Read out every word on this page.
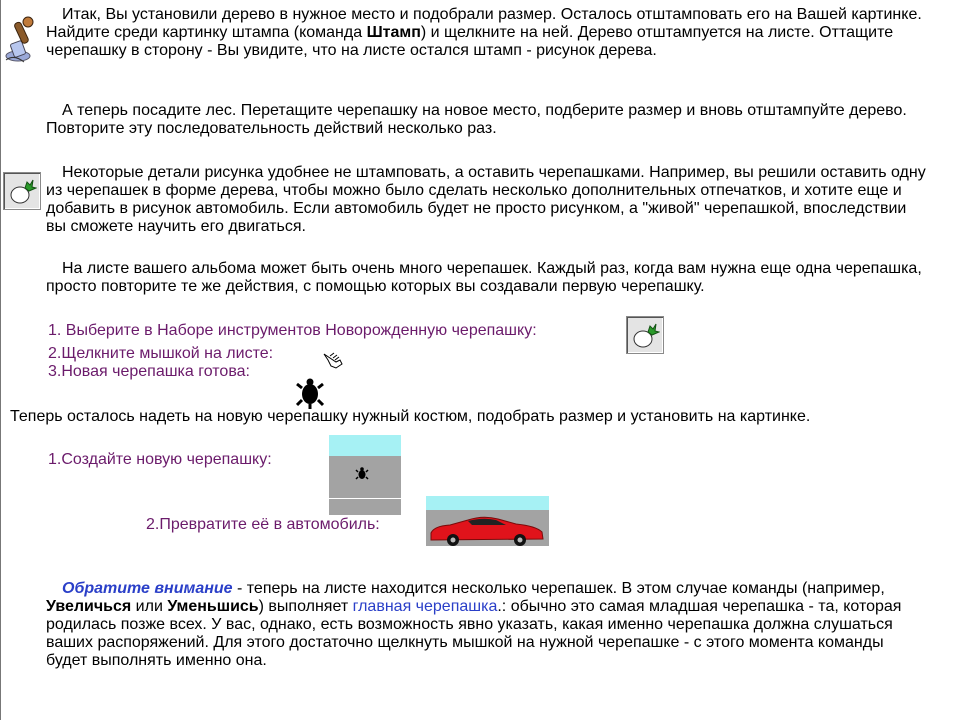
Итак, Вы установили дерево в нужное место и подобрали размер. Осталось отштамповать его на Вашей картинке. Найдите среди картинку штампа (команда Штамп) и щелкните на ней. Дерево отштампуется на листе. Оттащите черепашку в сторону - Вы увидите, что на листе остался штамп - рисунок дерева.

А теперь посадите лес. Перетащите черепашку на новое место, подберите размер и вновь отштампуйте дерево. Повторите эту последовательность действий несколько раз.

Некоторые детали рисунка удобнее не штамповать, а оставить черепашками. Например, вы решили оставить одну из черепашек в форме дерева, чтобы можно было сделать несколько дополнительных отпечатков, и хотите еще и добавить в рисунок автомобиль. Если автомобиль будет не просто рисунком, а "живой" черепашкой, впоследствии вы сможете научить его двигаться.

На листе вашего альбома может быть очень много черепашек. Каждый раз, когда вам нужна еще одна черепашка, просто повторите те же действия, с помощью которых вы создавали первую черепашку.

1. Выберите в Наборе инструментов Новорожденную черепашку:

2.Щелкните мышкой на листе:

3.Новая черепашка готова:

Теперь осталось надеть на новую черепашку нужный костюм, подобрать размер и установить на картинке.

1.Создайте новую черепашку:

2.Превратите её в автомобиль:

Обратите внимание - теперь на листе находится несколько черепашек. В этом случае команды (например, Увеличься или Уменьшись) выполняет главная черепашка.: обычно это самая младшая черепашка - та, которая родилась позже всех. У вас, однако, есть возможность явно указать, какая именно черепашка должна слушаться ваших распоряжений. Для этого достаточно щелкнуть мышкой на нужной черепашке - с этого момента команды будет выполнять именно она.
